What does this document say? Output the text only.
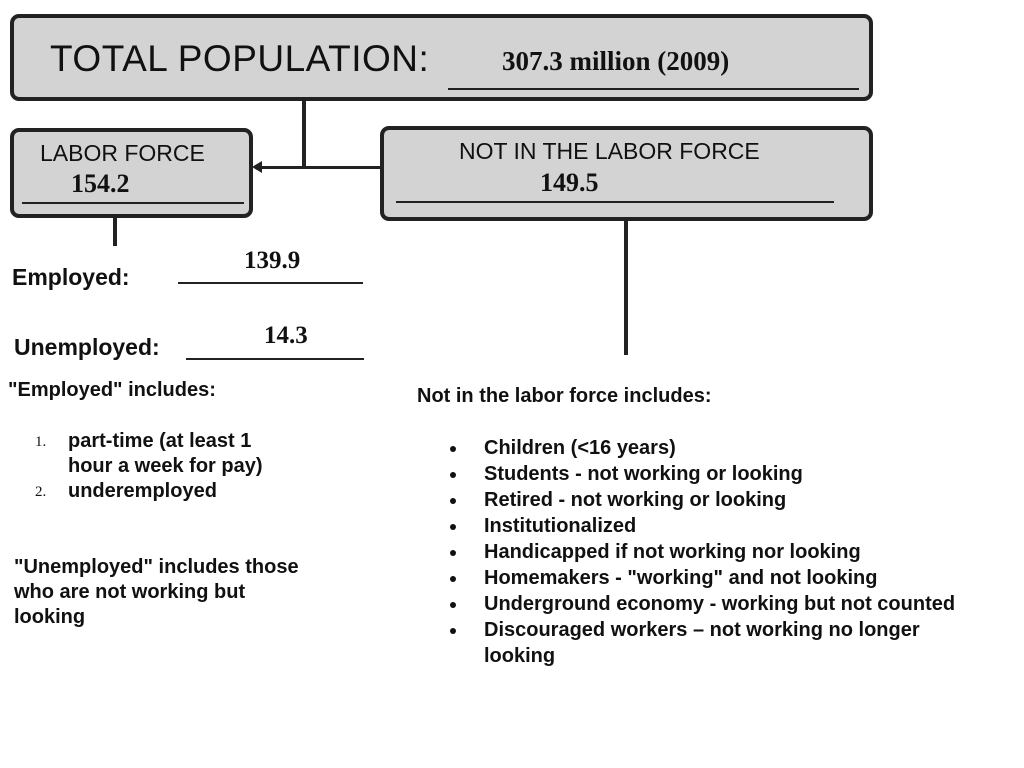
TOTAL POPULATION:	307.3 million (2009)
LABOR FORCE
154.2
NOT IN THE LABOR FORCE
149.5
Employed:
139.9
Unemployed:	14.3
"Employed" includes:
1. part-time (at least 1 hour a week for pay)
2. underemployed
"Unemployed" includes those who are not working but looking
Not in the labor force includes:
Children (<16 years)
Students - not working or looking
Retired - not working or looking
Institutionalized
Handicapped if not working nor looking
Homemakers - "working" and not looking
Underground economy - working but not counted
Discouraged workers – not working no longer looking
